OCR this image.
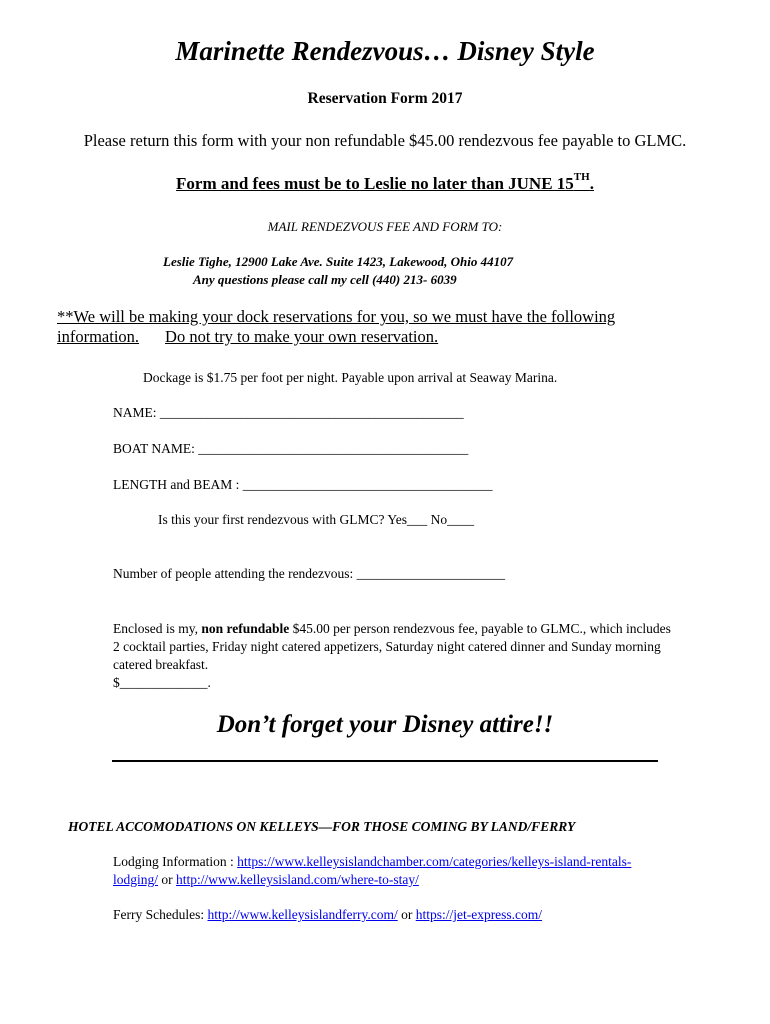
Marinette Rendezvous… Disney Style
Reservation Form 2017
Please return this form with your non refundable $45.00 rendezvous fee payable to GLMC.
Form and fees must be to Leslie no later than JUNE 15TH.
MAIL RENDEZVOUS FEE AND FORM TO:
Leslie Tighe, 12900 Lake Ave. Suite 1423, Lakewood, Ohio 44107
Any questions please call my cell (440) 213- 6039
**We will be making your dock reservations for you, so we must have the following information. Do not try to make your own reservation.
Dockage is $1.75 per foot per night. Payable upon arrival at Seaway Marina.
NAME: _____________________________________________
BOAT NAME: ________________________________________
LENGTH and BEAM : _____________________________________
Is this your first rendezvous with GLMC? Yes___ No____
Number of people attending the rendezvous: ______________________
Enclosed is my, non refundable $45.00 per person rendezvous fee, payable to GLMC., which includes 2 cocktail parties, Friday night catered appetizers, Saturday night catered dinner and Sunday morning catered breakfast.
$_____________.
Don’t forget your Disney attire!!
HOTEL ACCOMODATIONS ON KELLEYS—FOR THOSE COMING BY LAND/FERRY
Lodging Information : https://www.kelleysislandchamber.com/categories/kelleys-island-rentals-lodging/ or http://www.kelleysisland.com/where-to-stay/
Ferry Schedules: http://www.kelleysislandferry.com/ or https://jet-express.com/
